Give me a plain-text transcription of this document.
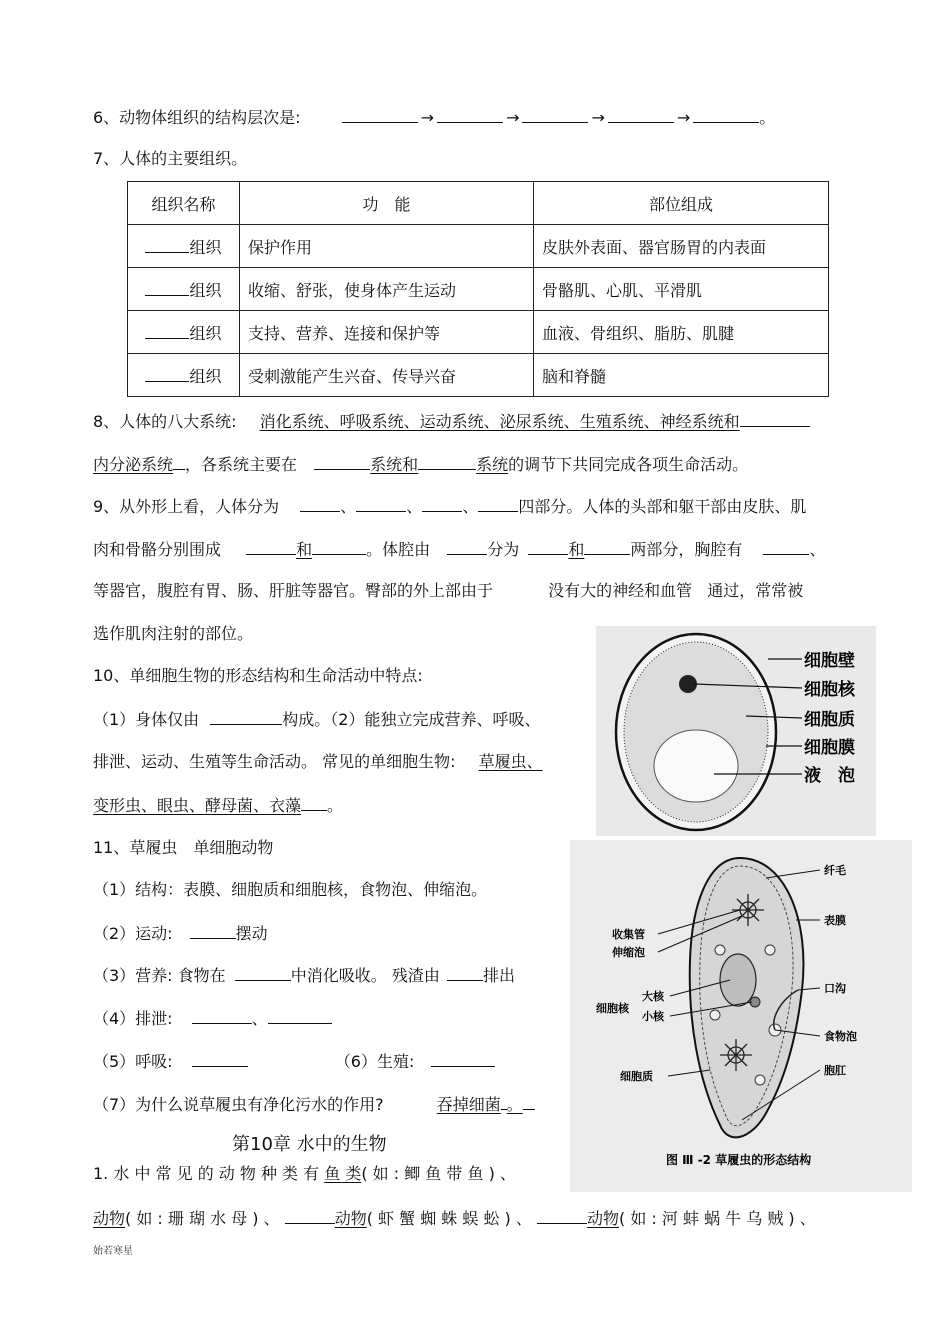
6、动物体组织的结构层次是:	→	→	→	→	。
7、人体的主要组织。
组织名称	功　能	部位组成
组织	保护作用	皮肤外表面、器官肠胃的内表面
组织	收缩、舒张，使身体产生运动	骨骼肌、心肌、平滑肌
组织	支持、营养、连接和保护等	血液、骨组织、脂肪、肌腱
组织	受刺激能产生兴奋、传导兴奋	脑和脊髓
8、人体的八大系统: 消化系统、呼吸系统、运动系统、泌尿系统、生殖系统、神经系统和
内分泌系统 ，各系统主要在	系统和	系统的调节下共同完成各项生命活动。
9、从外形上看，人体分为	、	、	、	四部分。人体的头部和躯干部由皮肤、肌
肉和骨骼分别围成	和	。体腔由	分为	和	两部分，胸腔有	、
等器官，腹腔有胃、肠、肝脏等器官。臀部的外上部由于	没有大的神经和血管 通过，常常被
选作肌肉注射的部位。
细胞壁
细胞核
细胞质
细胞膜
液　泡
10、单细胞生物的形态结构和生命活动中特点:
（1）身体仅由	构成。（2）能独立完成营养、呼吸、
排泄、运动、生殖等生命活动。 常见的单细胞生物: 草履虫、
变形虫、眼虫、酵母菌、衣藻 。
纤毛
表膜
口沟
食物泡
胞肛
收集管
伸缩泡
大核
小核
细胞核
细胞质
图 Ⅲ -2 草履虫的形态结构
11、草履虫　单细胞动物
（1）结构：表膜、细胞质和细胞核，食物泡、伸缩泡。
（2）运动:	摆动
（3）营养: 食物在	中消化吸收。 残渣由	排出
（4）排泄:	、
（5）呼吸:	（6）生殖:
（7）为什么说草履虫有净化污水的作用?	吞掉细菌 。
第10章 水中的生物
1. 水 中 常 见 的 动 物 种 类 有 鱼 类( 如 : 鲫 鱼 带 鱼 ) 、
动物( 如 : 珊 瑚 水 母 ) 、	动物( 虾 蟹 蜘 蛛 蜈 蚣 ) 、	动物( 如 : 河 蚌 蜗 牛 乌 贼 ) 、
始若寒星
